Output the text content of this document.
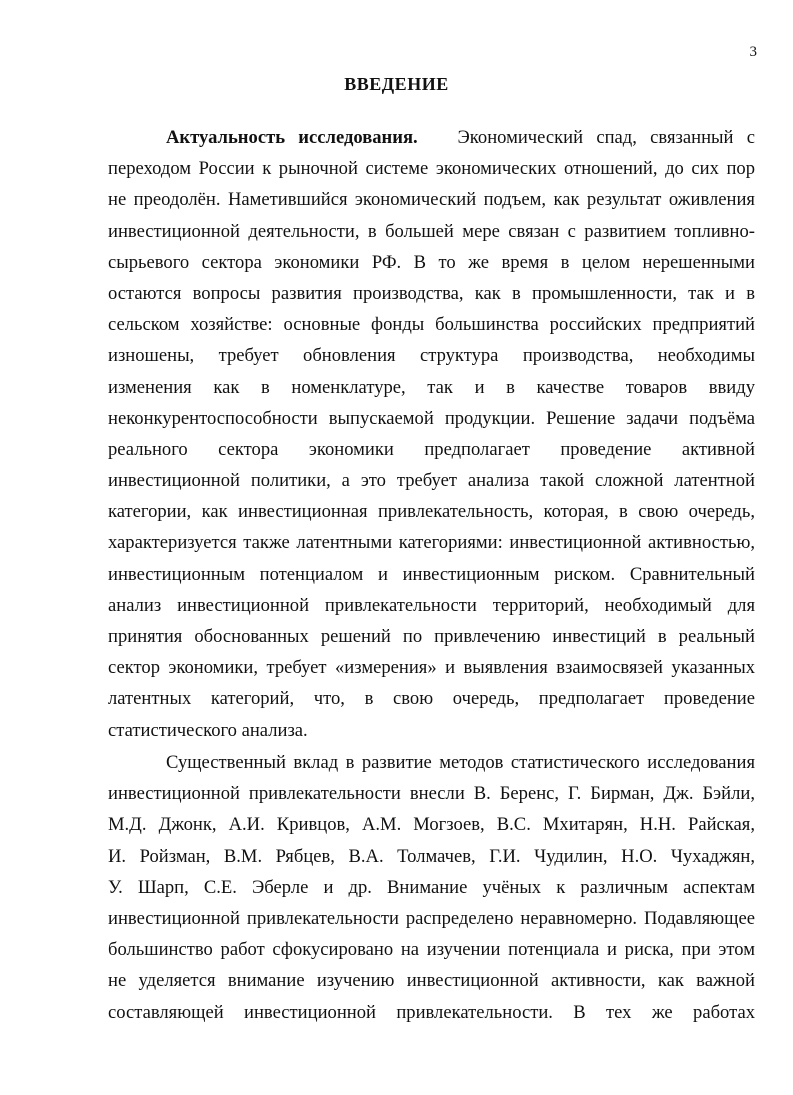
3
ВВЕДЕНИЕ
Актуальность исследования. Экономический спад, связанный с
переходом России к рыночной системе экономических отношений, до сих пор
не преодолён. Наметившийся экономический подъем, как результат оживления
инвестиционной деятельности, в большей мере связан с развитием топливно-
сырьевого сектора экономики РФ. В то же время в целом нерешенными
остаются вопросы развития производства, как в промышленности, так и в
сельском хозяйстве: основные фонды большинства российских предприятий
изношены, требует обновления структура производства, необходимы
изменения как в номенклатуре, так и в качестве товаров ввиду
неконкурентоспособности выпускаемой продукции. Решение задачи подъёма
реального сектора экономики предполагает проведение активной
инвестиционной политики, а это требует анализа такой сложной латентной
категории, как инвестиционная привлекательность, которая, в свою очередь,
характеризуется также латентными категориями: инвестиционной активностью,
инвестиционным потенциалом и инвестиционным риском. Сравнительный
анализ инвестиционной привлекательности территорий, необходимый для
принятия обоснованных решений по привлечению инвестиций в реальный
сектор экономики, требует «измерения» и выявления взаимосвязей указанных
латентных категорий, что, в свою очередь, предполагает проведение
статистического анализа.
Существенный вклад в развитие методов статистического исследования
инвестиционной привлекательности внесли В. Беренс, Г. Бирман, Дж. Бэйли,
М.Д. Джонк, А.И. Кривцов, А.М. Могзоев, В.С. Мхитарян, Н.Н. Райская,
И. Ройзман, В.М. Рябцев, В.А. Толмачев, Г.И. Чудилин, Н.О. Чухаджян,
У. Шарп, С.Е. Эберле и др. Внимание учёных к различным аспектам
инвестиционной привлекательности распределено неравномерно. Подавляющее
большинство работ сфокусировано на изучении потенциала и риска, при этом
не уделяется внимание изучению инвестиционной активности, как важной
составляющей инвестиционной привлекательности. В тех же работах
